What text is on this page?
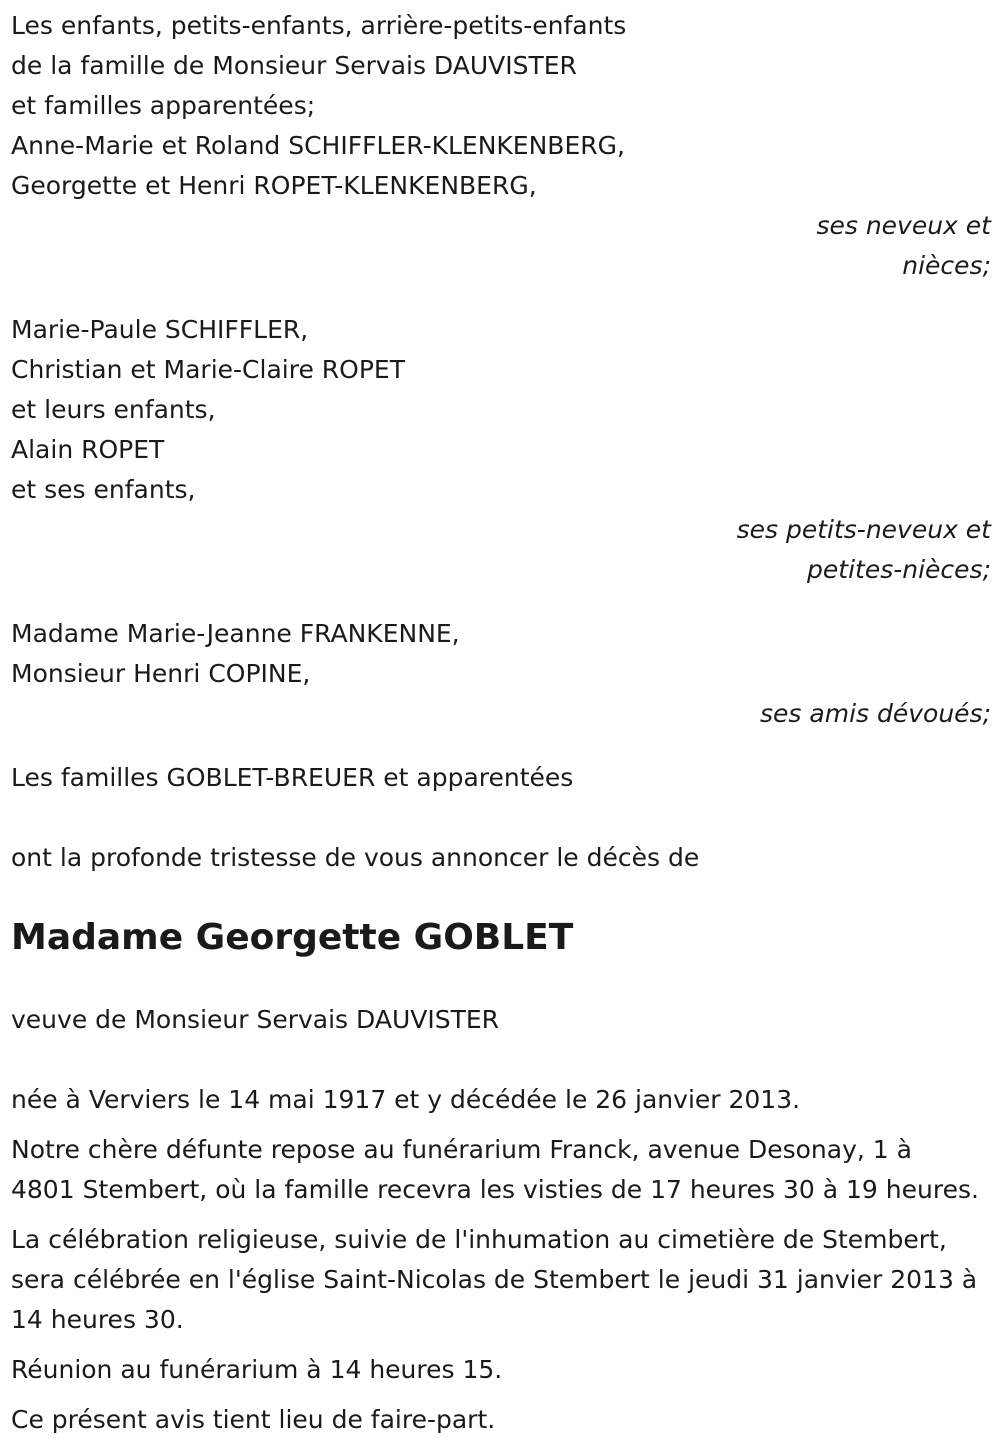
Les enfants, petits-enfants, arrière-petits-enfants
de la famille de Monsieur Servais DAUVISTER
et familles apparentées;
Anne-Marie et Roland SCHIFFLER-KLENKENBERG,
Georgette et Henri ROPET-KLENKENBERG,
ses neveux et
nièces;
Marie-Paule SCHIFFLER,
Christian et Marie-Claire ROPET
et leurs enfants,
Alain ROPET
et ses enfants,
ses petits-neveux et
petites-nièces;
Madame Marie-Jeanne FRANKENNE,
Monsieur Henri COPINE,
ses amis dévoués;
Les familles GOBLET-BREUER et apparentées
ont la profonde tristesse de vous annoncer le décès de
Madame Georgette GOBLET
veuve de Monsieur Servais DAUVISTER
née à Verviers le 14 mai 1917 et y décédée le 26 janvier 2013.
Notre chère défunte repose au funérarium Franck, avenue Desonay, 1 à 4801 Stembert, où la famille recevra les visties de 17 heures 30 à 19 heures.
La célébration religieuse, suivie de l'inhumation au cimetière de Stembert, sera célébrée en l'église Saint-Nicolas de Stembert le jeudi 31 janvier 2013 à 14 heures 30.
Réunion au funérarium à 14 heures 15.
Ce présent avis tient lieu de faire-part.
